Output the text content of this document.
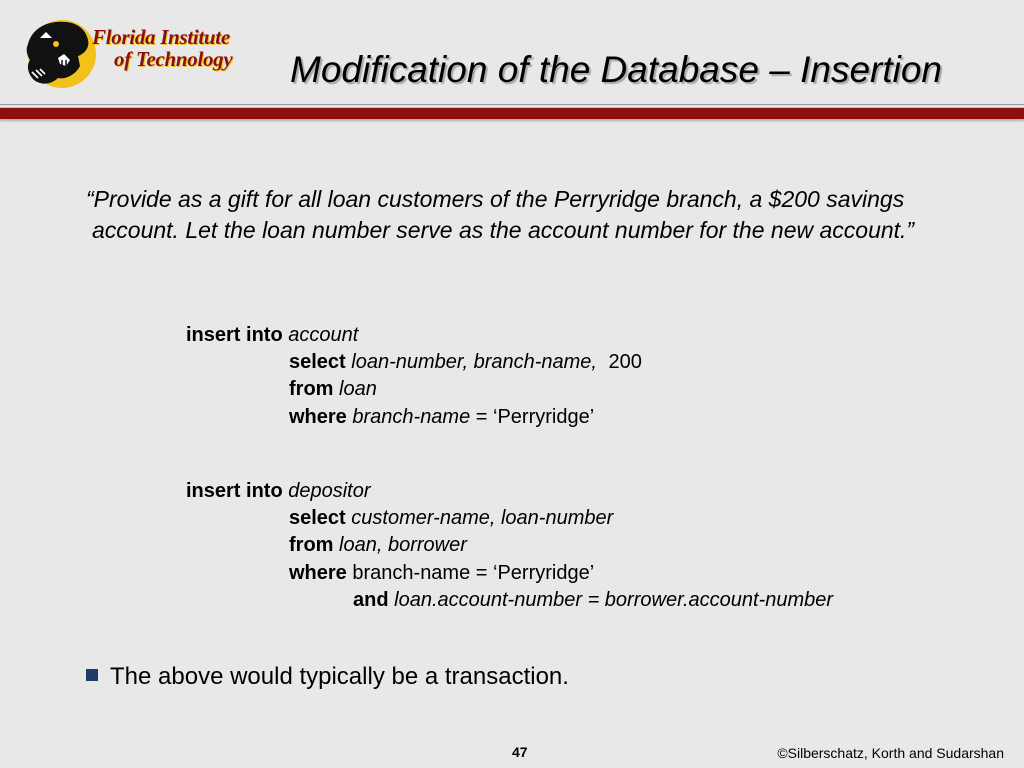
Florida Institute
of Technology Modification of the Database – Insertion
“Provide as a gift for all loan customers of the Perryridge branch, a $200 savings account. Let the loan number serve as the account number for the new account.”
insert into account
select loan-number, branch-name, 200
from loan
where branch-name = ‘Perryridge’
insert into depositor
select customer-name, loan-number
from loan, borrower
where branch-name = ‘Perryridge’
and loan.account-number = borrower.account-number
The above would typically be a transaction.
47	©Silberschatz, Korth and Sudarshan
